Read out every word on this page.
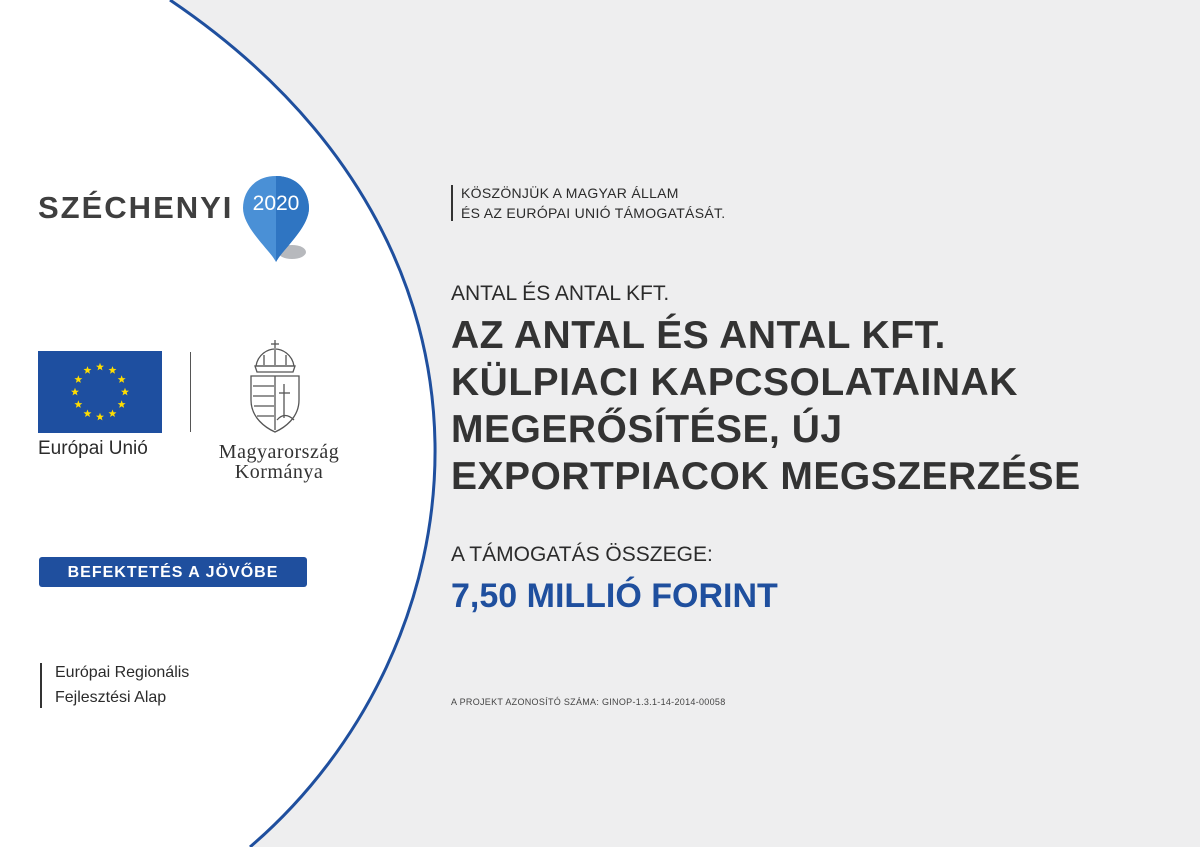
SZÉCHENYI 2020
Európai Unió	Magyarország
Kormánya
BEFEKTETÉS A JÖVŐBE
Európai Regionális
Fejlesztési Alap
KÖSZÖNJÜK A MAGYAR ÁLLAM
ÉS AZ EURÓPAI UNIÓ TÁMOGATÁSÁT.
ANTAL ÉS ANTAL KFT.
AZ ANTAL ÉS ANTAL KFT.
KÜLPIACI KAPCSOLATAINAK
MEGERŐSÍTÉSE, ÚJ
EXPORTPIACOK MEGSZERZÉSE
A TÁMOGATÁS ÖSSZEGE:
7,50 MILLIÓ FORINT
A PROJEKT AZONOSÍTÓ SZÁMA: GINOP-1.3.1-14-2014-00058
